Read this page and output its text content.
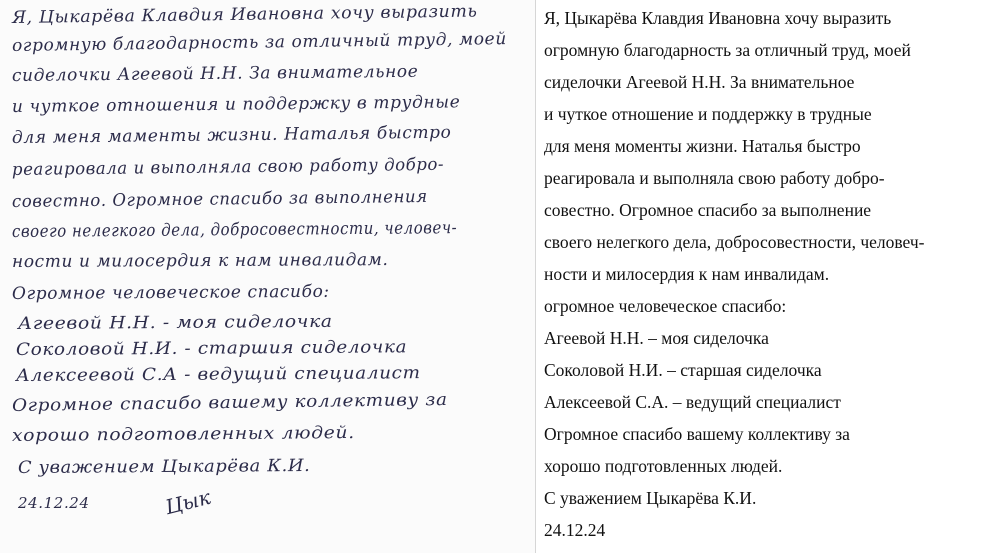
Я, Цыкарёва Клавдия Ивановна хочу выразить
огромную благодарность за отличный труд, моей
сиделочки Агеевой Н.Н. За внимательное
и чуткое отношения и поддержку в трудные
для меня маменты жизни. Наталья быстро
реагировала и выполняла свою работу добро-
совестно. Огромное спасибо за выполнения
своего нелегкого дела, добросовестности, человеч-
ности и милосердия к нам инвалидам.
Огромное человеческое спасибо:
Агеевой Н.Н. - моя сиделочка
Соколовой Н.И. - старшия сиделочка
Алексеевой С.А - ведущий специалист
Огромное спасибо вашему коллективу за
хорошо подготовленных людей.
С уважением Цыкарёва К.И.
24.12.24	Цык
Я, Цыкарёва Клавдия Ивановна хочу выразить
огромную благодарность за отличный труд, моей
сиделочки Агеевой Н.Н. За внимательное
и чуткое отношение и поддержку в трудные
для меня моменты жизни. Наталья быстро
реагировала и выполняла свою работу добро-
совестно. Огромное спасибо за выполнение
своего нелегкого дела, добросовестности, человеч-
ности и милосердия к нам инвалидам.
огромное человеческое спасибо:
Агеевой Н.Н. – моя сиделочка
Соколовой Н.И. – старшая сиделочка
Алексеевой С.А. – ведущий специалист
Огромное спасибо вашему коллективу за
хорошо подготовленных людей.
С уважением Цыкарёва К.И.
24.12.24
